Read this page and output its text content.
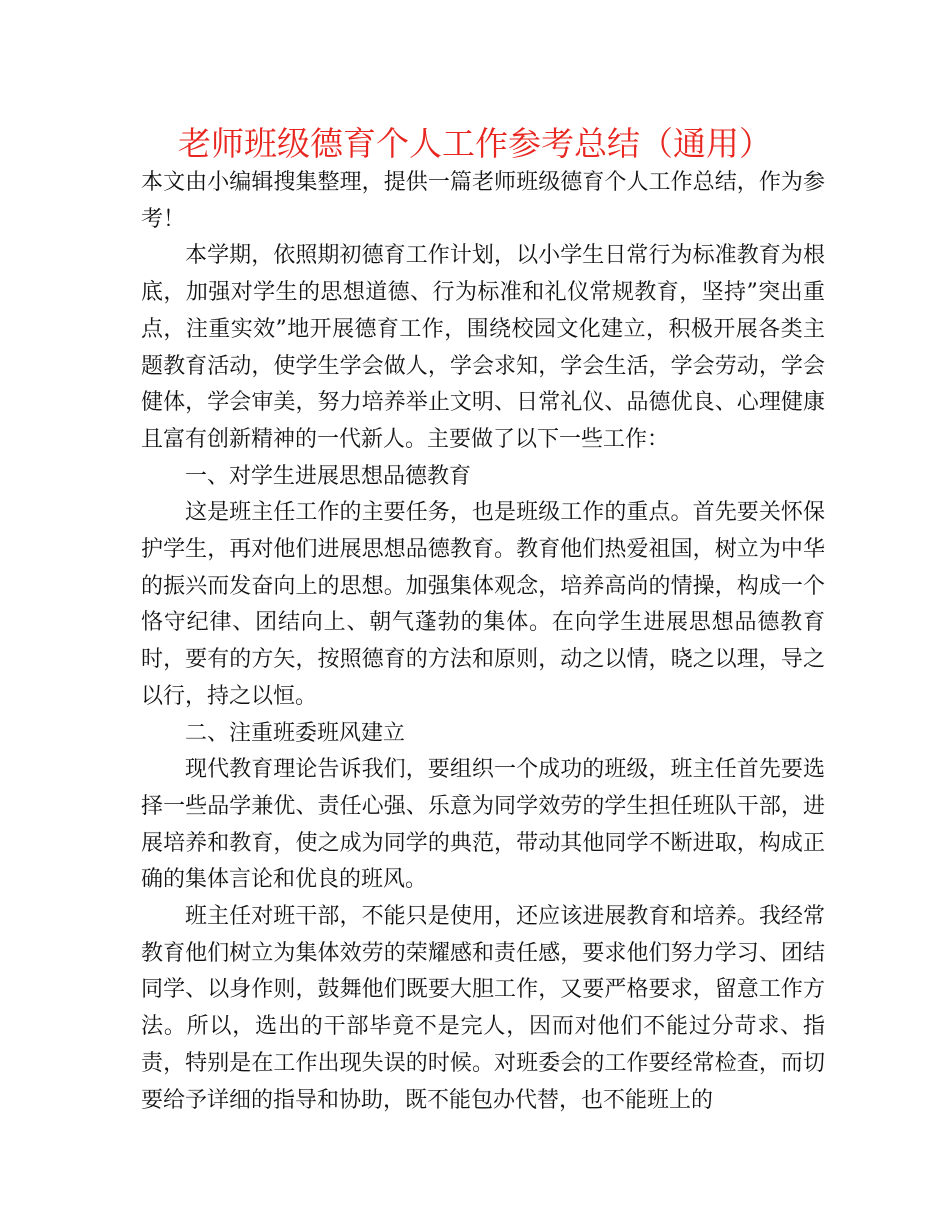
老师班级德育个人工作参考总结（通用）

本文由小编辑搜集整理，提供一篇老师班级德育个人工作总结，作为参考！

本学期，依照期初德育工作计划，以小学生日常行为标准教育为根底，加强对学生的思想道德、行为标准和礼仪常规教育，坚持”突出重点，注重实效”地开展德育工作，围绕校园文化建立，积极开展各类主题教育活动，使学生学会做人，学会求知，学会生活，学会劳动，学会健体，学会审美，努力培养举止文明、日常礼仪、品德优良、心理健康且富有创新精神的一代新人。主要做了以下一些工作：

一、对学生进展思想品德教育

这是班主任工作的主要任务，也是班级工作的重点。首先要关怀保护学生，再对他们进展思想品德教育。教育他们热爱祖国，树立为中华的振兴而发奋向上的思想。加强集体观念，培养高尚的情操，构成一个恪守纪律、团结向上、朝气蓬勃的集体。在向学生进展思想品德教育时，要有的方矢，按照德育的方法和原则，动之以情，晓之以理，导之以行，持之以恒。

二、注重班委班风建立

现代教育理论告诉我们，要组织一个成功的班级，班主任首先要选择一些品学兼优、责任心强、乐意为同学效劳的学生担任班队干部，进展培养和教育，使之成为同学的典范，带动其他同学不断进取，构成正确的集体言论和优良的班风。

班主任对班干部，不能只是使用，还应该进展教育和培养。我经常教育他们树立为集体效劳的荣耀感和责任感，要求他们努力学习、团结同学、以身作则，鼓舞他们既要大胆工作，又要严格要求，留意工作方法。所以，选出的干部毕竟不是完人，因而对他们不能过分苛求、指责，特别是在工作出现失误的时候。对班委会的工作要经常检查，而切要给予详细的指导和协助，既不能包办代替，也不能班上的
